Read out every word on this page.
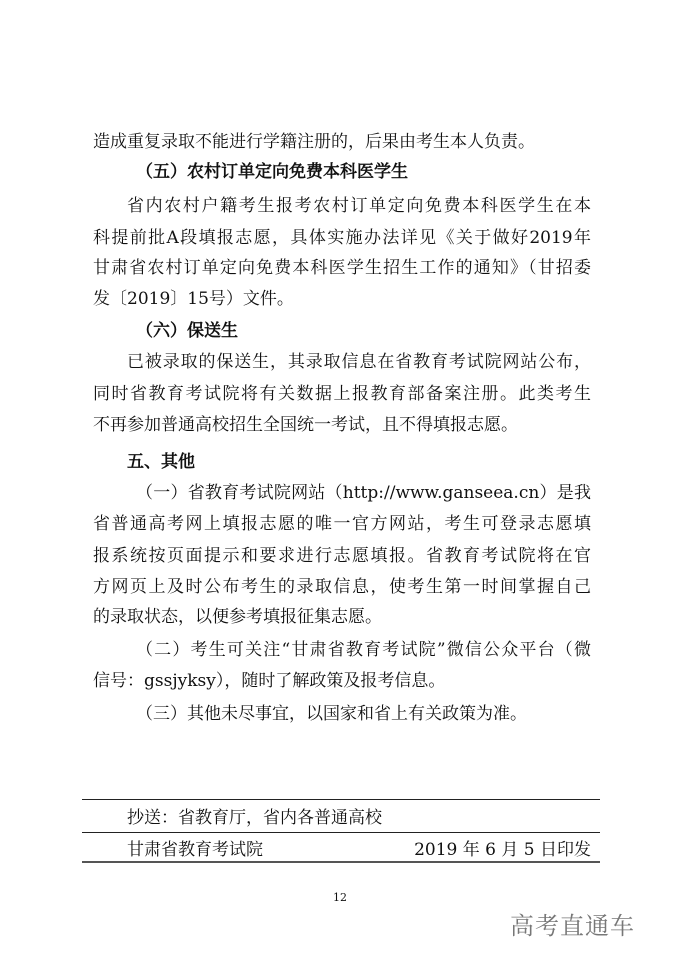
造成重复录取不能进行学籍注册的，后果由考生本人负责。
（五）农村订单定向免费本科医学生
省内农村户籍考生报考农村订单定向免费本科医学生在本
科提前批A段填报志愿，具体实施办法详见《关于做好2019年
甘肃省农村订单定向免费本科医学生招生工作的通知》（甘招委
发〔2019〕15号）文件。
（六）保送生
已被录取的保送生，其录取信息在省教育考试院网站公布，
同时省教育考试院将有关数据上报教育部备案注册。此类考生
不再参加普通高校招生全国统一考试，且不得填报志愿。
五、其他
（一）省教育考试院网站（http://www.ganseea.cn）是我
省普通高考网上填报志愿的唯一官方网站，考生可登录志愿填
报系统按页面提示和要求进行志愿填报。省教育考试院将在官
方网页上及时公布考生的录取信息，使考生第一时间掌握自己
的录取状态，以便参考填报征集志愿。
（二）考生可关注“甘肃省教育考试院”微信公众平台（微
信号：gssjyksy），随时了解政策及报考信息。
（三）其他未尽事宜，以国家和省上有关政策为准。
抄送：省教育厅，省内各普通高校
甘肃省教育考试院	2019 年 6 月 5 日印发
12
高考直通车
